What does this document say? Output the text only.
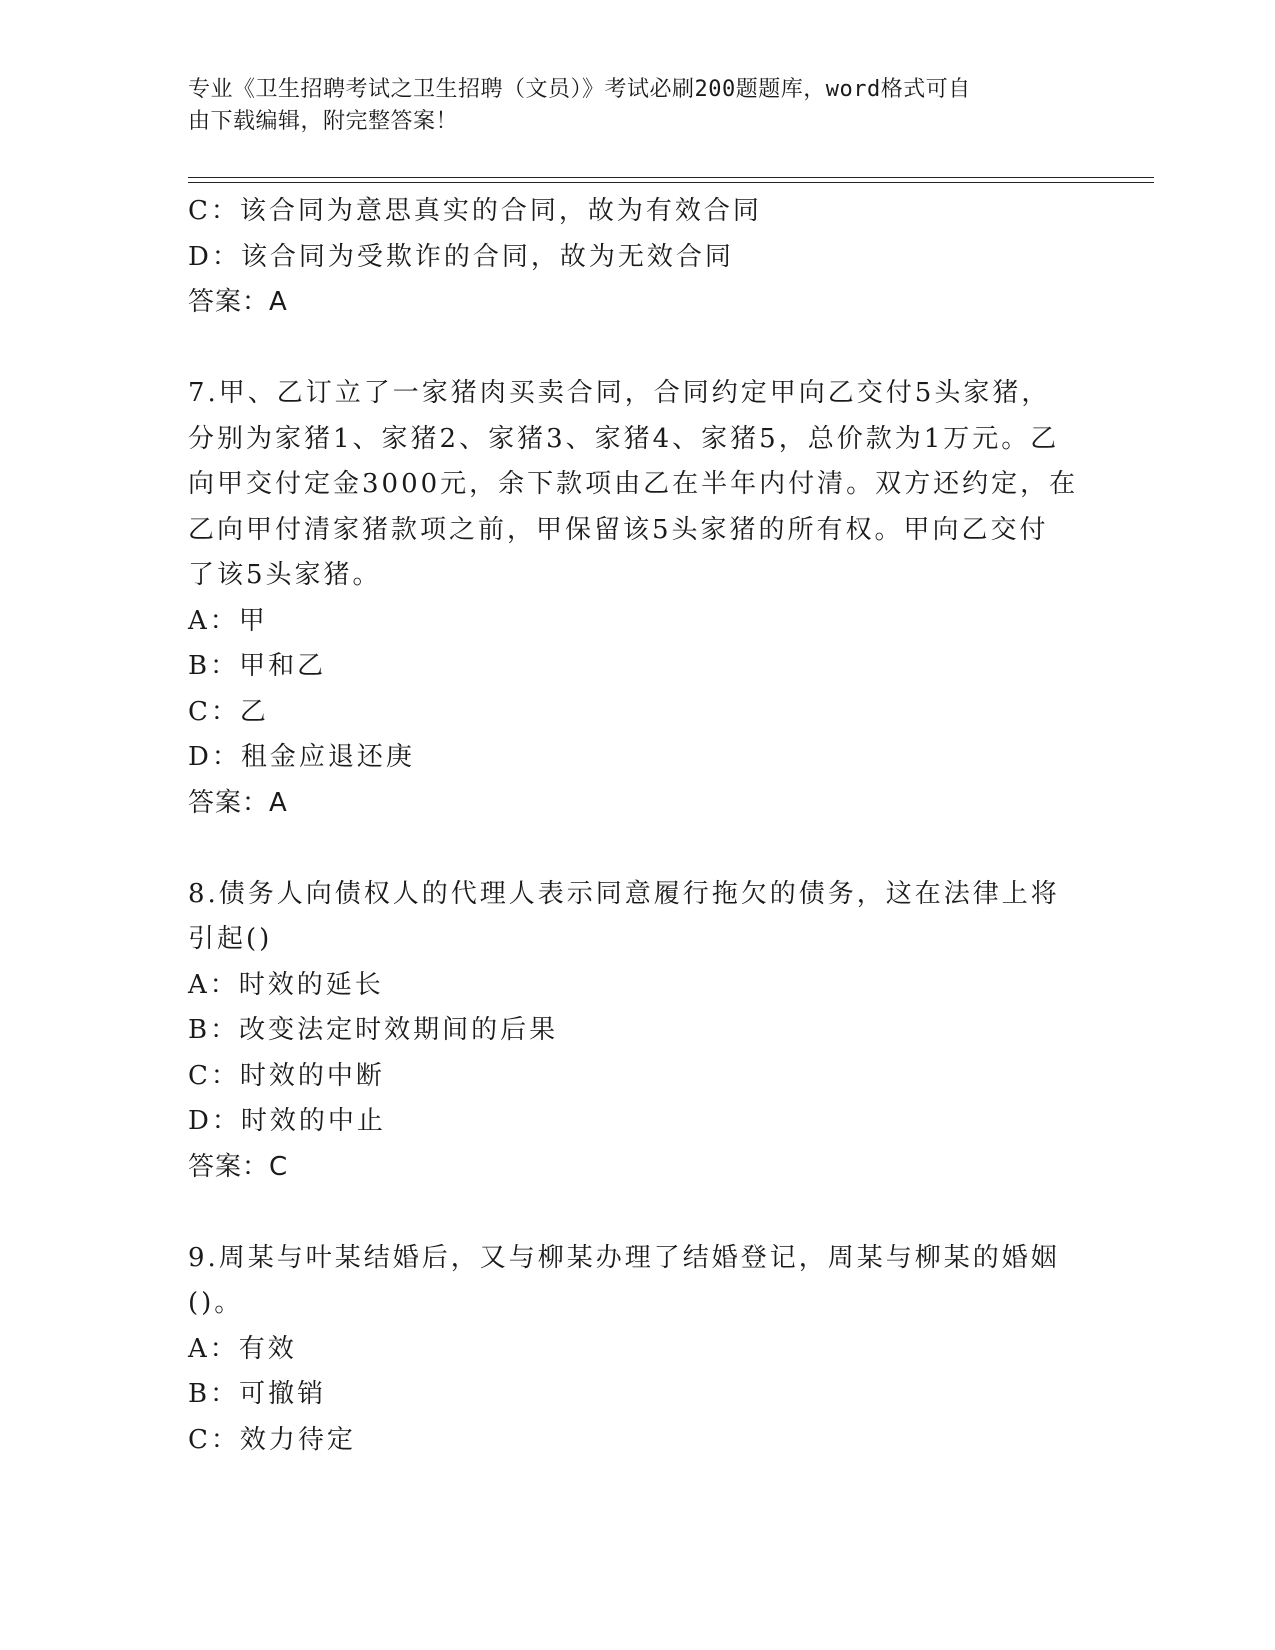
专业《卫生招聘考试之卫生招聘（文员）》考试必刷200题题库，word格式可自
由下载编辑，附完整答案！
C：该合同为意思真实的合同，故为有效合同
D：该合同为受欺诈的合同，故为无效合同
答案：A
7.甲、乙订立了一家猪肉买卖合同，合同约定甲向乙交付5头家猪，
分别为家猪1、家猪2、家猪3、家猪4、家猪5，总价款为1万元。乙
向甲交付定金3000元，余下款项由乙在半年内付清。双方还约定，在
乙向甲付清家猪款项之前，甲保留该5头家猪的所有权。甲向乙交付
了该5头家猪。
A：甲
B：甲和乙
C：乙
D：租金应退还庚
答案：A
8.债务人向债权人的代理人表示同意履行拖欠的债务，这在法律上将
引起()
A：时效的延长
B：改变法定时效期间的后果
C：时效的中断
D：时效的中止
答案：C
9.周某与叶某结婚后，又与柳某办理了结婚登记，周某与柳某的婚姻
()。
A：有效
B：可撤销
C：效力待定
